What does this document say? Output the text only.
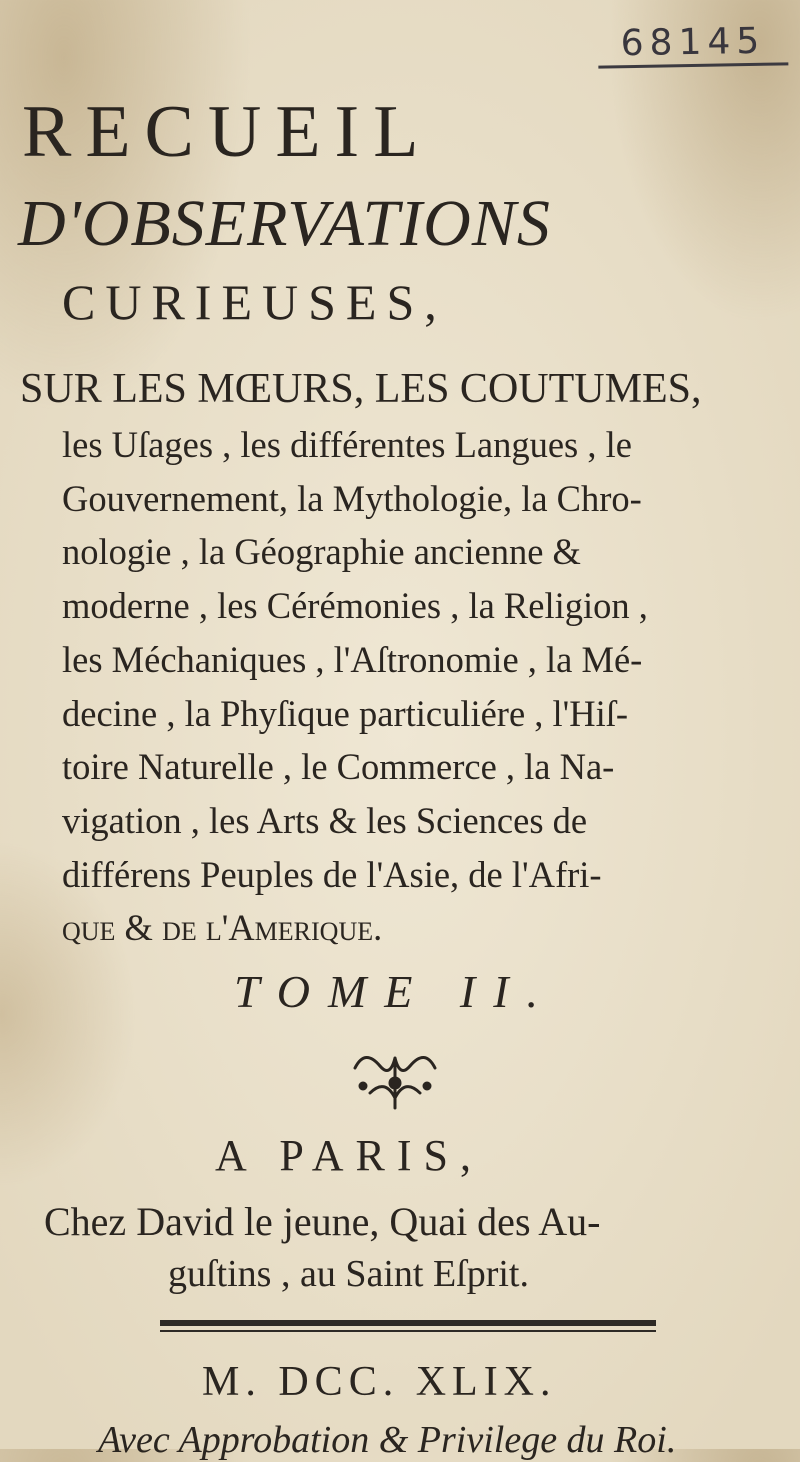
68145
RECUEIL
D'OBSERVATIONS
CURIEUSES,
SUR LES MŒURS, LES COUTUMES,
les Uſages , les différentes Langues , le
Gouvernement, la Mythologie, la Chro-
nologie , la Géographie ancienne &
moderne , les Cérémonies , la Religion ,
les Méchaniques , l'Aſtronomie , la Mé-
decine , la Phyſique particuliére , l'Hiſ-
toire Naturelle , le Commerce , la Na-
vigation , les Arts & les Sciences de
différens Peuples de l'Asie, de l'Afri-
que & de l'Amerique.
TOME II.
A PARIS,
Chez David le jeune, Quai des Au-
guſtins , au Saint Eſprit.
M. DCC. XLIX.
Avec Approbation & Privilege du Roi.
